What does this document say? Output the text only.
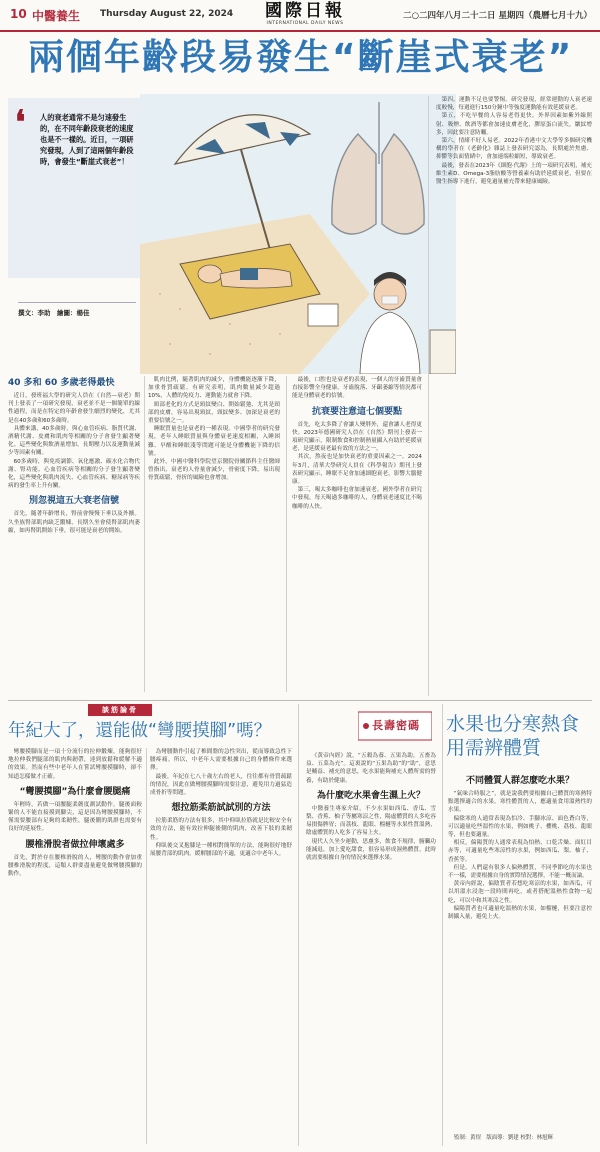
10 中醫養生 Thursday August 22, 2024	國際日報
INTERNATIONAL DAILY NEWS
二○二四年八月二十二日 星期四（農曆七月十九）
兩個年齡段易發生“斷崖式衰老”
❛ 人的衰老通常不是匀速發生的，在不同年齡段衰老的速度也是不一樣的。近日，一項研究發現，人到了這兩個年齡段時，會發生“斷崖式衰老”！
撰文：李助　繪圖：楊佳
40 多和 60 多歲老得最快

近日，發班福大學的研究人員在《自然—衰老》期刊上發表了一項研究發現，衰老並不是一個簡單的線性過程，而是在特定的年齡會發生劇烈的變化，尤其是在40多歲和60多歲時。

具體來講，40多歲時，與心血管疾病、脂質代謝、酒精代謝、皮膚和肌肉等相關的分子會發生顯著變化。這些變化與飲酒量增加、長期壓力以及運動量減少等因素有關。

60多歲時，與免疫調節、氧化應激、碳水化合物代謝、腎功能、心血管疾病等相關的分子發生顯著變化，這些變化與肌肉流失、心血管疾病、糖尿病等疾病的發生率上升有關。

別忽視這五大衰老信號

首先，隨著年齡增長，腎前會慢慢下垂以及外擴。久坐族腎部肌肉缺乏鍛煉，長期久坐會使腎部肌肉萎縮，如再腎肌開始下垂，很可能是衰老的開始。

肌肉比例，隨著肌肉的減少，身體機能逐漸下降，加重骨質疏鬆。有研究表明，肌肉數量減少超過 10%，人體的免疫力、運動能力就會下降。

頸部老化的方式是頸紋變白、開始鬆弛、尤其是頸部的皮膚，容易出現頸紋，頸紋變多、加深是衰老的重要信號之一。

睡眠質量也是衰老的一種表現。中國學者的研究發現，老年人睡眠質量與身體衰老速度相關，入睡困難、早醒和睡眠淺等問題可能是身體機能下降的信號。

此外，中國中醫科學院望京醫院骨關節科主任醫師曾指出，衰老的人骨量會減少，骨密度下降，易出現骨質疏鬆，骨折的風險也會增加。

最後，口腔也是衰老的表現，一個人的牙齒質量會直接影響全身健康。牙齒脫落、牙齦萎縮等情況都可能是身體衰老的信號。

抗衰要注意這七個要點

首先，吃太多降了會讓人變胖外，還會讓人老得更快。2023年德國研究人員在《自然》期刊上發表一項研究顯示，限制飲食和控制熱量攝入有助於延緩衰老，是延緩衰老最有效的方法之一。

其次，熬夜也是加快衰老的重要因素之一。2024年3月，清華大學研究人員在《科學報告》期刊上發表研究顯示，睡眠不足會加速細胞衰老，影響大腦健康。

第三，喝太多咖啡也會加速衰老。國外學者在研究中發現，每天喝過多咖啡的人，身體衰老速度比不喝咖啡的人快。

第四，運動不足也要警惕。研究發現，經常運動的人衰老速度較慢，每週進行150分鐘中等強度運動能有效延緩衰老。

第五，不吃早餐的人容易老得更快。外界因素如紫外線照射、吸煙、飲酒等都會加速皮膚老化，膠原蛋白流失，皺紋增多，因此要注意防曬。

第六，情緒不好人易老。2022年香港中文大學等多個研究機構的學者在《老齡化》雜誌上發表研究認為，長期處於焦慮、抑鬱等負面情緒中，會加速端粒縮短，導致衰老。

最後，發表在2023年《細胞·代謝》上的一項研究表明，補充維生素D、Omega-3脂肪酸等營養素有助於延緩衰老，但要在醫生指導下進行，避免過量補充帶來健康風險。

談筋論骨
年紀大了，還能做“彎腰摸腳”嗎？

彎腰摸腳而是一項十分流行的拉伸鍛煉，能夠很好地拉伸我們腿部的肌肉與韌帶，達到放鬆和緩解不適的效果。然而有些中老年人在嘗試彎腰摸腳時，卻不知道怎樣做才正確。

“彎腰摸腳”為什麼會腰腿痛

年輕時，若做一項腰腿柔韌度測試動作，腿後面較緊的人不能直接摸到腳尖，這是因為彎腰摸腳時，不僅需要腰部有足夠的柔韌性，腿後側的肌群也需要有良好的延展性。

腰椎滑脫者做拉伸壞處多

首先，對於存在腰椎滑脫的人，彎腰的動作會加重腰椎滑脫的程度，這類人群要盡量避免做彎腰摸腳的動作。

為彎腰動作引起了椎間盤的急性突出，從而導致急性下腰疼痛。所以，中老年人需要根據自己的身體條件來選擇。

最後，年紀在七八十歲左右的老人，往往都有骨質疏鬆的情況，因此在做彎腰摸腳時需要注意，避免用力過猛造成骨折等問題。

想拉筋柔筋試試別的方法

拉筋柔筋的方法有很多，其中仰臥拉筋就是比較安全有效的方法，能有效拉伸腿後側的肌肉，改善下肢的柔韌性。

仰臥後交叉抱膝是一種相對簡單的方法，能夠很好地舒展腰背部的肌肉，緩解腰部的不適，更適合中老年人。

長壽密碼

《黃帝內經》說，“五穀為養、五果為助，五畜為益、五菜為充”。這裏說的“五果為助”的“助”，意思是輔益、補充的意思，吃水果能夠補充人體所需的營養，有助於健康。

為什麼吃水果會生濕上火？

中醫養生專家介紹，不少水果如西瓜、香瓜、雪梨、香蕉、柚子等屬寒涼之性，陽虛體質的人多吃容易損傷脾胃；而荔枝、龍眼、榴槤等水果性質溫熱，陰虛體質的人吃多了容易上火。

現代人久坐少運動，思慮多，飲食不規律，腑臟功能減退，加上愛吃甜食，很容易形成濕熱體質，此時就需要根據自身的情況來選擇水果。

水果也分寒熱食用需辨體質
不同體質人群怎麼吃水果？

“氣味合時服之”，就是說我們要根據自己體質的寒熱特點選擇適合的水果。寒性體質的人，應適量食用溫熱性的水果。

偏陰寒的人通常表現為怕冷、手腳冰涼、面色蒼白等，可以適量吃些溫性的水果，例如桃子、櫻桃、荔枝、龍眼等，但也要適量。

相反，偏陽質的人通常表現為怕熱、口乾舌燥、面紅目赤等，可適量吃些寒涼性的水果，例如西瓜、梨、柚子、香蕉等。

但是，人們還有很多人偏熱體質，不同季節吃的水果也不一樣，需要根據自身的實際情況選擇，不能一概而論。

黃帝內經說，偏陰質者若想吃寒涼的水果，如西瓜，可以用溫水浸泡一段時間再吃，或者搭配溫熱性食物一起吃，可以中和其寒涼之性。

偏陽質者也可適量吃溫熱的水果，如榴槤，但要注意控制攝入量，避免上火。

監制：黃煜　版面導：劉建 校對：林旭輝
